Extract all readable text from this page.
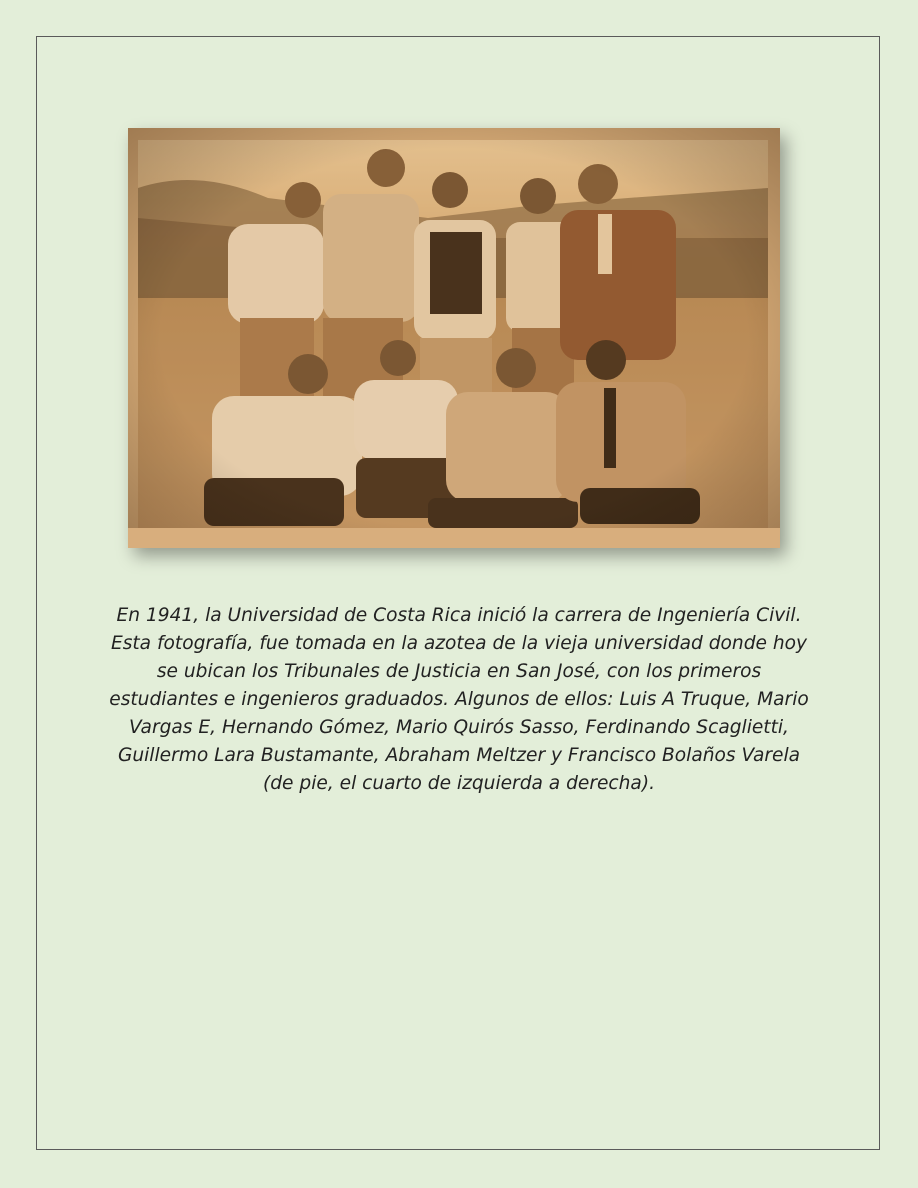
En 1941, la Universidad de Costa Rica inició la carrera de Ingeniería Civil. Esta fotografía, fue tomada en la azotea de la vieja universidad donde hoy se ubican los Tribunales de Justicia en San José, con los primeros estudiantes e ingenieros graduados. Algunos de ellos: Luis A Truque, Mario Vargas E, Hernando Gómez, Mario Quirós Sasso, Ferdinando Scaglietti, Guillermo Lara Bustamante, Abraham Meltzer y Francisco Bolaños Varela (de pie, el cuarto de izquierda a derecha).
